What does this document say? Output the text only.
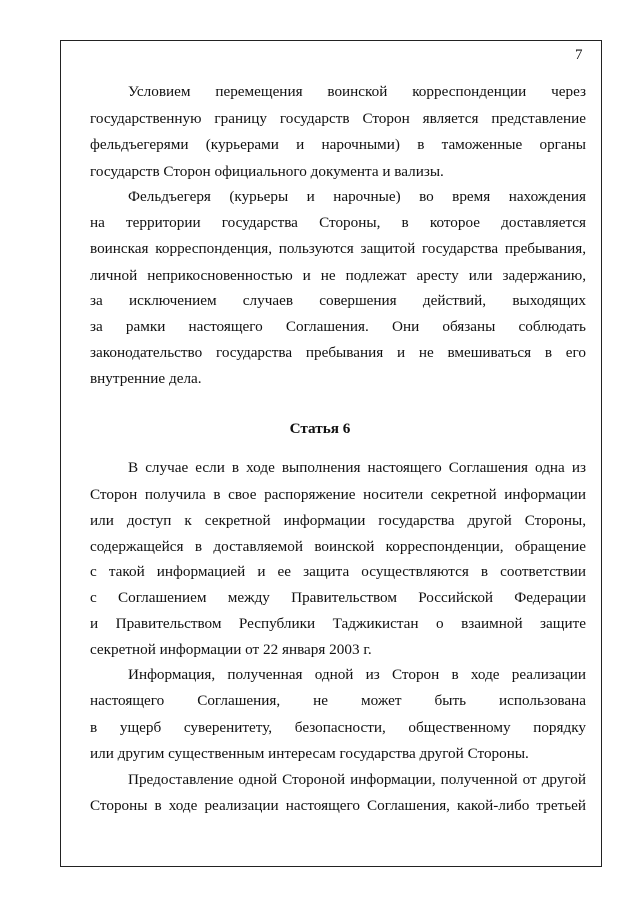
7
Условием перемещения воинской корреспонденции через
государственную границу государств Сторон является представление
фельдъегерями (курьерами и нарочными) в таможенные органы
государств Сторон официального документа и вализы.
Фельдъегеря (курьеры и нарочные) во время нахождения
на территории государства Стороны, в которое доставляется
воинская корреспонденция, пользуются защитой государства пребывания,
личной неприкосновенностью и не подлежат аресту или задержанию,
за исключением случаев совершения действий, выходящих
за рамки настоящего Соглашения. Они обязаны соблюдать
законодательство государства пребывания и не вмешиваться в его
внутренние дела.
Статья 6
В случае если в ходе выполнения настоящего Соглашения одна из
Сторон получила в свое распоряжение носители секретной информации
или доступ к секретной информации государства другой Стороны,
содержащейся в доставляемой воинской корреспонденции, обращение
с такой информацией и ее защита осуществляются в соответствии
с Соглашением между Правительством Российской Федерации
и Правительством Республики Таджикистан о взаимной защите
секретной информации от 22 января 2003 г.
Информация, полученная одной из Сторон в ходе реализации
настоящего Соглашения, не может быть использована
в ущерб суверенитету, безопасности, общественному порядку
или другим существенным интересам государства другой Стороны.
Предоставление одной Стороной информации, полученной от другой
Стороны в ходе реализации настоящего Соглашения, какой-либо третьей
